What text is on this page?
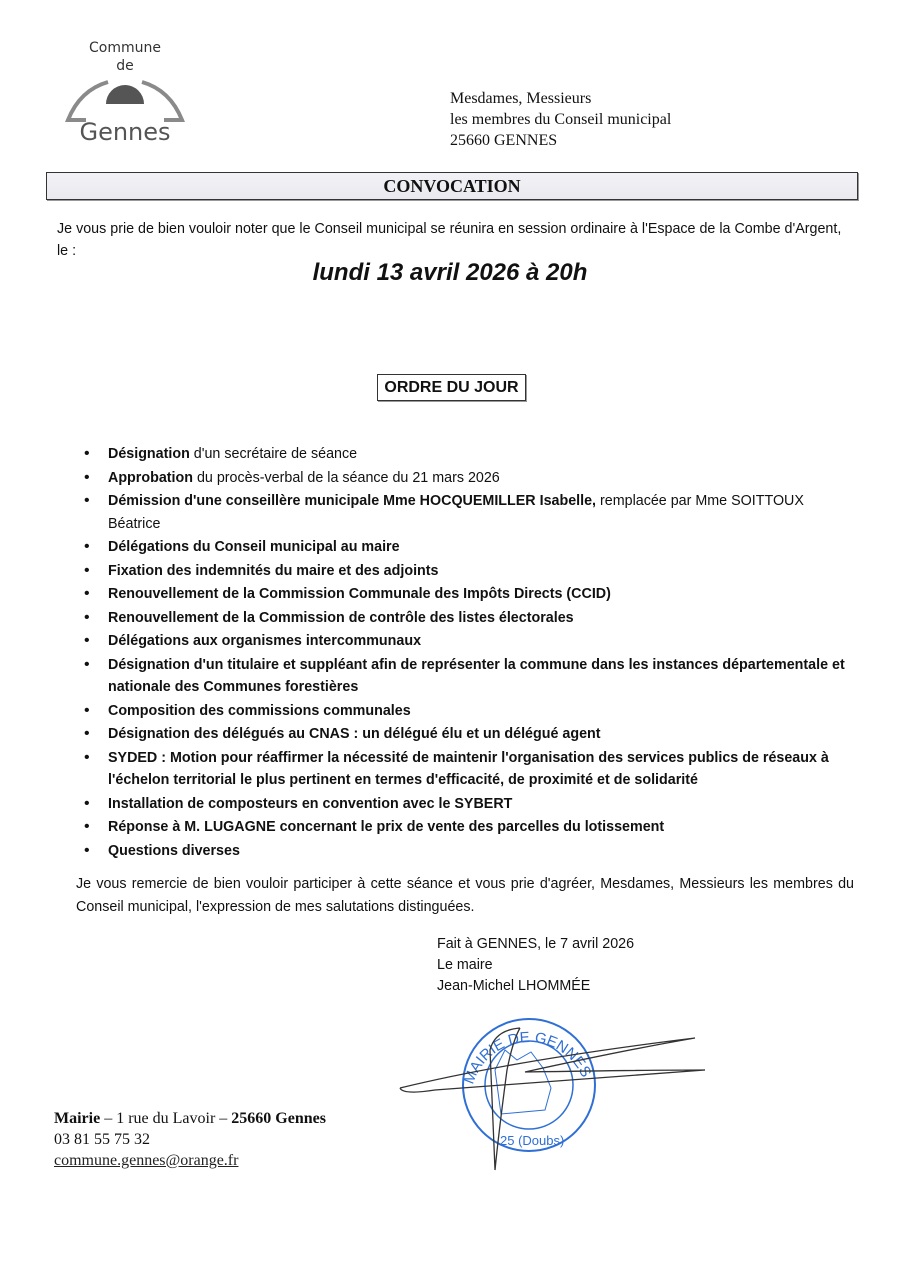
Commune
de
Gennes
Mesdames, Messieurs
les membres du Conseil municipal
25660 GENNES
CONVOCATION
Je vous prie de bien vouloir noter que le Conseil municipal se réunira en session ordinaire à l'Espace de la Combe d'Argent, le :
lundi 13 avril 2026 à 20h
ORDRE DU JOUR
• Désignation d'un secrétaire de séance
• Approbation du procès-verbal de la séance du 21 mars 2026
• Démission d'une conseillère municipale Mme HOCQUEMILLER Isabelle, remplacée par Mme SOITTOUX Béatrice
• Délégations du Conseil municipal au maire
• Fixation des indemnités du maire et des adjoints
• Renouvellement de la Commission Communale des Impôts Directs (CCID)
• Renouvellement de la Commission de contrôle des listes électorales
• Délégations aux organismes intercommunaux
• Désignation d'un titulaire et suppléant afin de représenter la commune dans les instances départementale et nationale des Communes forestières
• Composition des commissions communales
• Désignation des délégués au CNAS : un délégué élu et un délégué agent
• SYDED : Motion pour réaffirmer la nécessité de maintenir l'organisation des services publics de réseaux à l'échelon territorial le plus pertinent en termes d'efficacité, de proximité et de solidarité
• Installation de composteurs en convention avec le SYBERT
• Réponse à M. LUGAGNE concernant le prix de vente des parcelles du lotissement
• Questions diverses
Je vous remercie de bien vouloir participer à cette séance et vous prie d'agréer, Mesdames, Messieurs les membres du Conseil municipal, l'expression de mes salutations distinguées.
Fait à GENNES, le 7 avril 2026
Le maire
Jean-Michel LHOMMÉE
MAIRIE DE GENNES
25 (Doubs)
Mairie – 1 rue du Lavoir – 25660 Gennes
03 81 55 75 32
commune.gennes@orange.fr
